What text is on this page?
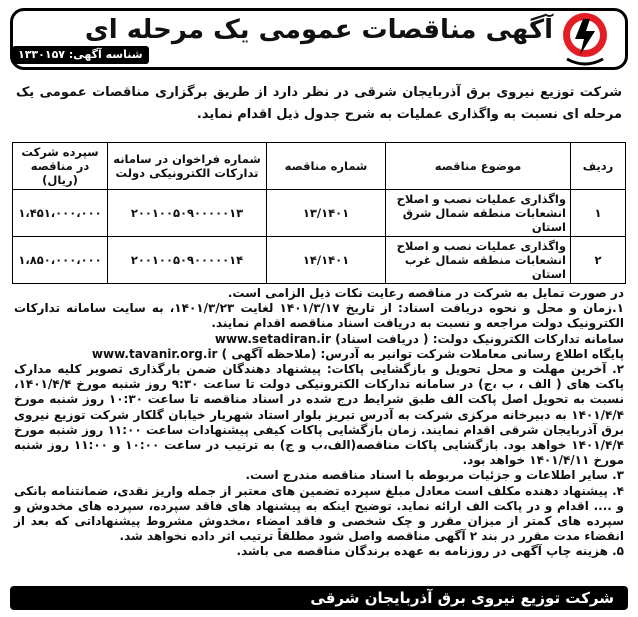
آگهی مناقصات عمومی یک مرحله ای
شناسه آگهی: ۱۳۳۰۱۵۷
شرکت توزیع نیروی برق آذربایجان شرقی در نظر دارد از طریق برگزاری مناقصات عمومی یک مرحله ای نسبت به واگذاری عملیات به شرح جدول ذیل اقدام نماید.
ردیف	موضوع مناقصه	شماره مناقصه	شماره فراخوان در سامانه تدارکات الکترونیکی دولت	سپرده شرکت در مناقصه (ریال)
۱	واگذاری عملیات نصب و اصلاح انشعابات منطقه شمال شرق استان	۱۳/۱۴۰۱	۲۰۰۱۰۰۵۰۹۰۰۰۰۰۱۳	۱،۴۵۱،۰۰۰،۰۰۰
۲	واگذاری عملیات نصب و اصلاح انشعابات منطقه شمال غرب استان	۱۴/۱۴۰۱	۲۰۰۱۰۰۵۰۹۰۰۰۰۰۱۴	۱،۸۵۰،۰۰۰،۰۰۰

در صورت تمایل به شرکت در مناقصه رعایت نکات ذیل الزامی است.

۱.زمان و محل و نحوه دریافت اسناد: از تاریخ ۱۴۰۱/۳/۱۷ لغایت ۱۴۰۱/۳/۲۳، به سایت سامانه تدارکات الکترونیک دولت مراجعه و نسبت به دریافت اسناد مناقصه اقدام نمایند.

سامانه تدارکات الکترونیک دولت: ( دریافت اسناد) www.setadiran.ir

پایگاه اطلاع رسانی معاملات شرکت توانیر به آدرس: (ملاحظه آگهی ) www.tavanir.org.ir

۲. آخرین مهلت و محل تحویل و بازگشایی پاکات: پیشنهاد دهندگان ضمن بارگذاری تصویر کلیه مدارک پاکت های ( الف ، ب ،ج) در سامانه تدارکات الکترونیکی دولت تا ساعت ۹:۳۰ روز شنبه مورخ ۱۴۰۱/۴/۴، نسبت به تحویل اصل پاکت الف طبق شرایط درج شده در اسناد مناقصه تا ساعت ۱۰:۳۰ روز شنبه مورخ ۱۴۰۱/۴/۴ به دبیرخانه مرکزی شرکت به آدرس تبریز بلوار استاد شهریار خیابان گلکار شرکت توزیع نیروی برق آذربایجان شرقی اقدام نمایند. زمان بازگشایی پاکات کیفی پیشنهادات ساعت ۱۱:۰۰ روز شنبه مورخ ۱۴۰۱/۴/۴ خواهد بود. بازگشایی پاکات مناقصه(الف،ب و ج) به ترتیب در ساعت ۱۰:۰۰ و ۱۱:۰۰ روز شنبه مورخ ۱۴۰۱/۴/۱۱ خواهد بود.

۳. سایر اطلاعات و جزئیات مربوطه با اسناد مناقصه مندرج است.

۴. پیشنهاد دهنده مکلف است معادل مبلغ سپرده تضمین های معتبر از جمله واریز نقدی، ضمانتنامه بانکی و .... اقدام و در پاکت الف ارائه نماید. توضیح اینکه به پیشنهاد های فاقد سپرده، سپرده های مخدوش و سپرده های کمتر از میزان مقرر و چک شخصی و فاقد امضاء ،مخدوش مشروط پیشنهاداتی که بعد از انقضاء مدت مقرر در بند ۲ آگهی مناقصه واصل شود مطلقاً ترتیب اثر داده نخواهد شد.

۵. هزینه چاپ آگهی در روزنامه به عهده برندگان مناقصه می باشد.

شرکت توزیع نیروی برق آذربایجان شرقی
